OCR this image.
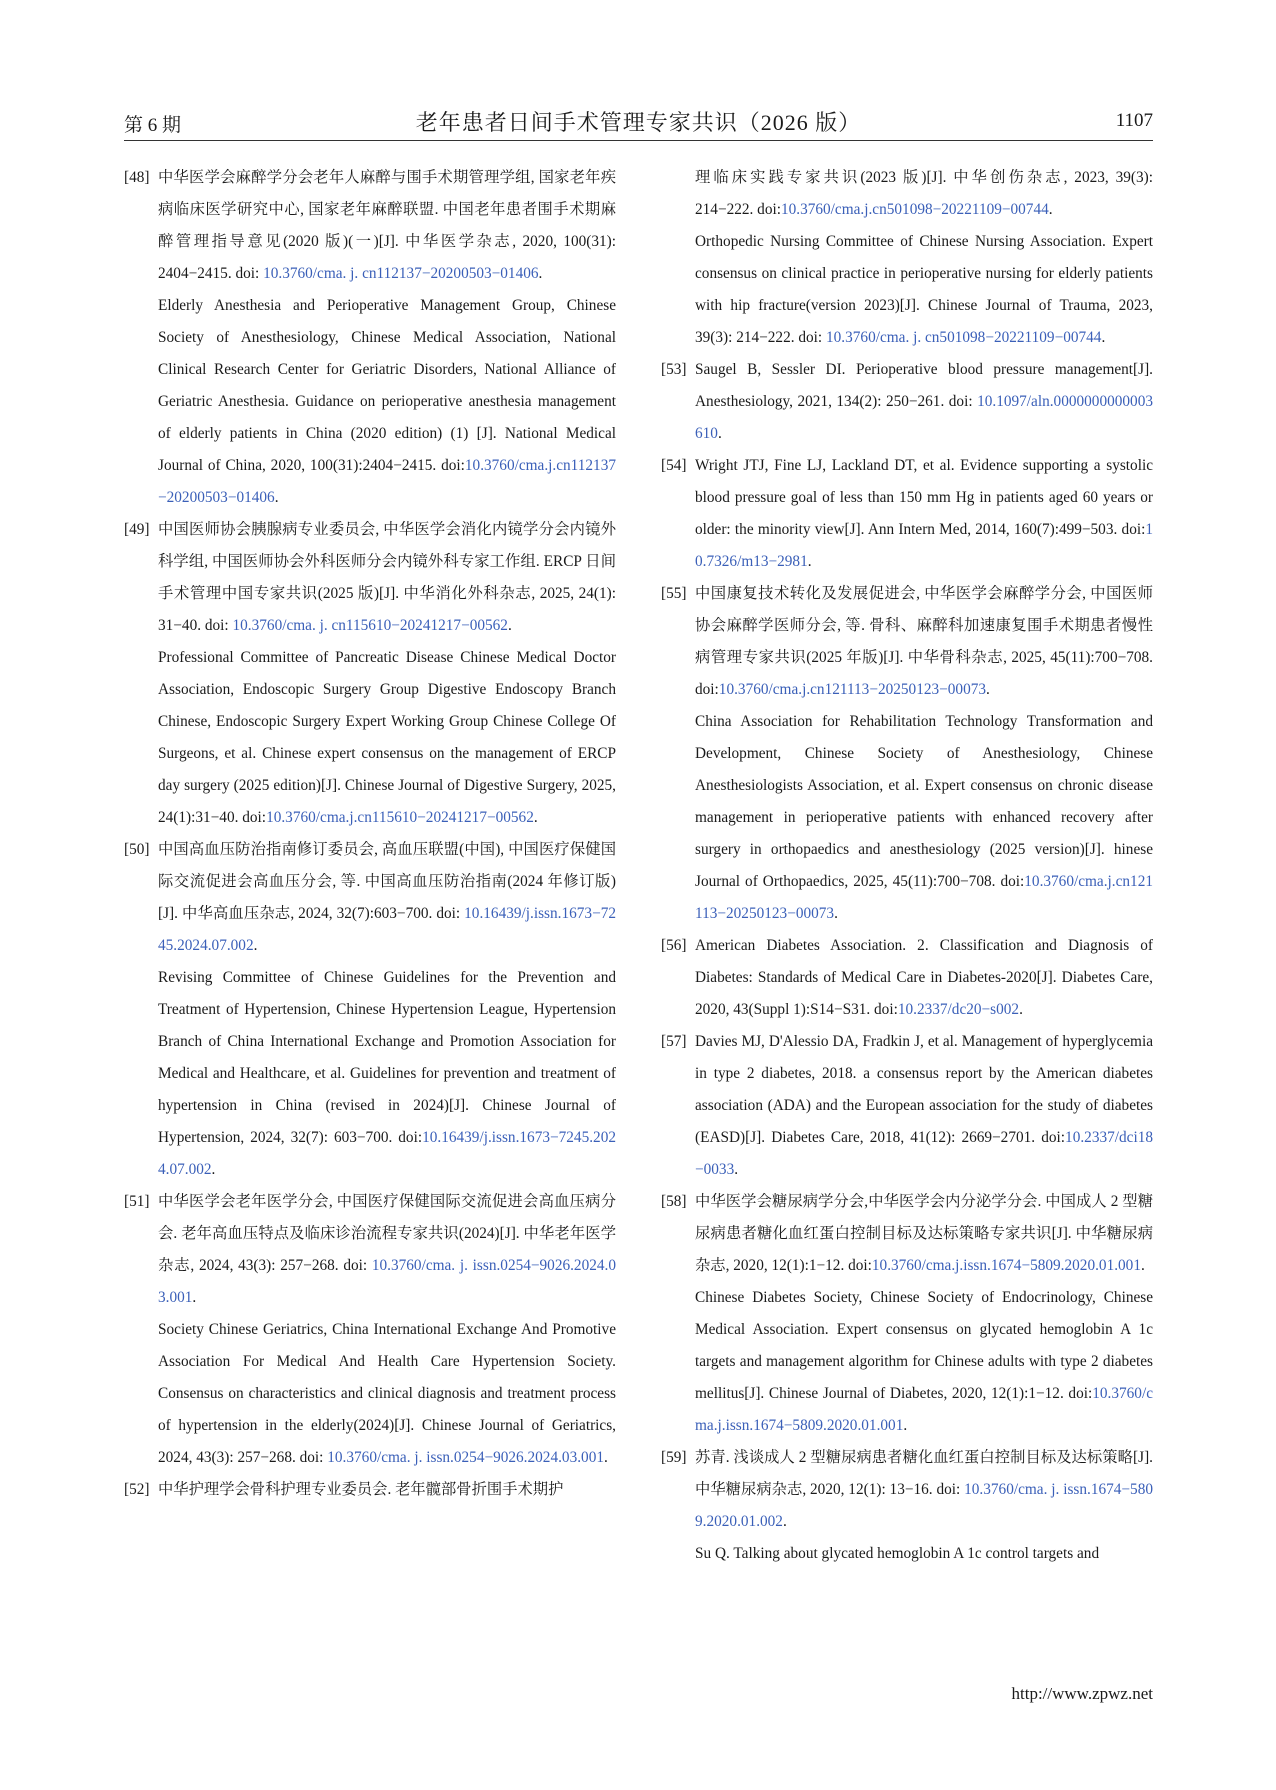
第 6 期	老年患者日间手术管理专家共识（2026 版）	1107
[48] 中华医学会麻醉学分会老年人麻醉与围手术期管理学组, 国家老年疾病临床医学研究中心, 国家老年麻醉联盟. 中国老年患者围手术期麻醉管理指导意见(2020 版)(一)[J]. 中华医学杂志, 2020, 100(31): 2404−2415. doi: 10.3760/cma. j. cn112137−20200503−01406.
Elderly Anesthesia and Perioperative Management Group, Chinese Society of Anesthesiology, Chinese Medical Association, National Clinical Research Center for Geriatric Disorders, National Alliance of Geriatric Anesthesia. Guidance on perioperative anesthesia management of elderly patients in China (2020 edition) (1) [J]. National Medical Journal of China, 2020, 100(31):2404−2415. doi:10.3760/cma.j.cn112137−20200503−01406.
[49] 中国医师协会胰腺病专业委员会, 中华医学会消化内镜学分会内镜外科学组, 中国医师协会外科医师分会内镜外科专家工作组. ERCP 日间手术管理中国专家共识(2025 版)[J]. 中华消化外科杂志, 2025, 24(1): 31−40. doi: 10.3760/cma. j. cn115610−20241217−00562.
Professional Committee of Pancreatic Disease Chinese Medical Doctor Association, Endoscopic Surgery Group Digestive Endoscopy Branch Chinese, Endoscopic Surgery Expert Working Group Chinese College Of Surgeons, et al. Chinese expert consensus on the management of ERCP day surgery (2025 edition)[J]. Chinese Journal of Digestive Surgery, 2025, 24(1):31−40. doi:10.3760/cma.j.cn115610−20241217−00562.
[50] 中国高血压防治指南修订委员会, 高血压联盟(中国), 中国医疗保健国际交流促进会高血压分会, 等. 中国高血压防治指南(2024 年修订版)[J]. 中华高血压杂志, 2024, 32(7):603−700. doi: 10.16439/j.issn.1673−7245.2024.07.002.
Revising Committee of Chinese Guidelines for the Prevention and Treatment of Hypertension, Chinese Hypertension League, Hypertension Branch of China International Exchange and Promotion Association for Medical and Healthcare, et al. Guidelines for prevention and treatment of hypertension in China (revised in 2024)[J]. Chinese Journal of Hypertension, 2024, 32(7): 603−700. doi:10.16439/j.issn.1673−7245.2024.07.002.
[51] 中华医学会老年医学分会, 中国医疗保健国际交流促进会高血压病分会. 老年高血压特点及临床诊治流程专家共识(2024)[J]. 中华老年医学杂志, 2024, 43(3): 257−268. doi: 10.3760/cma. j. issn.0254−9026.2024.03.001.
Society Chinese Geriatrics, China International Exchange And Promotive Association For Medical And Health Care Hypertension Society. Consensus on characteristics and clinical diagnosis and treatment process of hypertension in the elderly(2024)[J]. Chinese Journal of Geriatrics, 2024, 43(3): 257−268. doi: 10.3760/cma. j. issn.0254−9026.2024.03.001.
[52] 中华护理学会骨科护理专业委员会. 老年髋部骨折围手术期护
理临床实践专家共识(2023 版)[J]. 中华创伤杂志, 2023, 39(3): 214−222. doi:10.3760/cma.j.cn501098−20221109−00744.
Orthopedic Nursing Committee of Chinese Nursing Association. Expert consensus on clinical practice in perioperative nursing for elderly patients with hip fracture(version 2023)[J]. Chinese Journal of Trauma, 2023, 39(3): 214−222. doi: 10.3760/cma. j. cn501098−20221109−00744.
[53] Saugel B, Sessler DI. Perioperative blood pressure management[J]. Anesthesiology, 2021, 134(2): 250−261. doi: 10.1097/aln.0000000000003610.
[54] Wright JTJ, Fine LJ, Lackland DT, et al. Evidence supporting a systolic blood pressure goal of less than 150 mm Hg in patients aged 60 years or older: the minority view[J]. Ann Intern Med, 2014, 160(7):499−503. doi:10.7326/m13−2981.
[55] 中国康复技术转化及发展促进会, 中华医学会麻醉学分会, 中国医师协会麻醉学医师分会, 等. 骨科、麻醉科加速康复围手术期患者慢性病管理专家共识(2025 年版)[J]. 中华骨科杂志, 2025, 45(11):700−708. doi:10.3760/cma.j.cn121113−20250123−00073.
China Association for Rehabilitation Technology Transformation and Development, Chinese Society of Anesthesiology, Chinese Anesthesiologists Association, et al. Expert consensus on chronic disease management in perioperative patients with enhanced recovery after surgery in orthopaedics and anesthesiology (2025 version)[J]. hinese Journal of Orthopaedics, 2025, 45(11):700−708. doi:10.3760/cma.j.cn121113−20250123−00073.
[56] American Diabetes Association. 2. Classification and Diagnosis of Diabetes: Standards of Medical Care in Diabetes-2020[J]. Diabetes Care, 2020, 43(Suppl 1):S14−S31. doi:10.2337/dc20−s002.
[57] Davies MJ, D'Alessio DA, Fradkin J, et al. Management of hyperglycemia in type 2 diabetes, 2018. a consensus report by the American diabetes association (ADA) and the European association for the study of diabetes (EASD)[J]. Diabetes Care, 2018, 41(12): 2669−2701. doi:10.2337/dci18−0033.
[58] 中华医学会糖尿病学分会,中华医学会内分泌学分会. 中国成人 2 型糖尿病患者糖化血红蛋白控制目标及达标策略专家共识[J]. 中华糖尿病杂志, 2020, 12(1):1−12. doi:10.3760/cma.j.issn.1674−5809.2020.01.001.
Chinese Diabetes Society, Chinese Society of Endocrinology, Chinese Medical Association. Expert consensus on glycated hemoglobin A 1c targets and management algorithm for Chinese adults with type 2 diabetes mellitus[J]. Chinese Journal of Diabetes, 2020, 12(1):1−12. doi:10.3760/cma.j.issn.1674−5809.2020.01.001.
[59] 苏青. 浅谈成人 2 型糖尿病患者糖化血红蛋白控制目标及达标策略[J]. 中华糖尿病杂志, 2020, 12(1): 13−16. doi: 10.3760/cma. j. issn.1674−5809.2020.01.002.
Su Q. Talking about glycated hemoglobin A 1c control targets and
http://www.zpwz.net
